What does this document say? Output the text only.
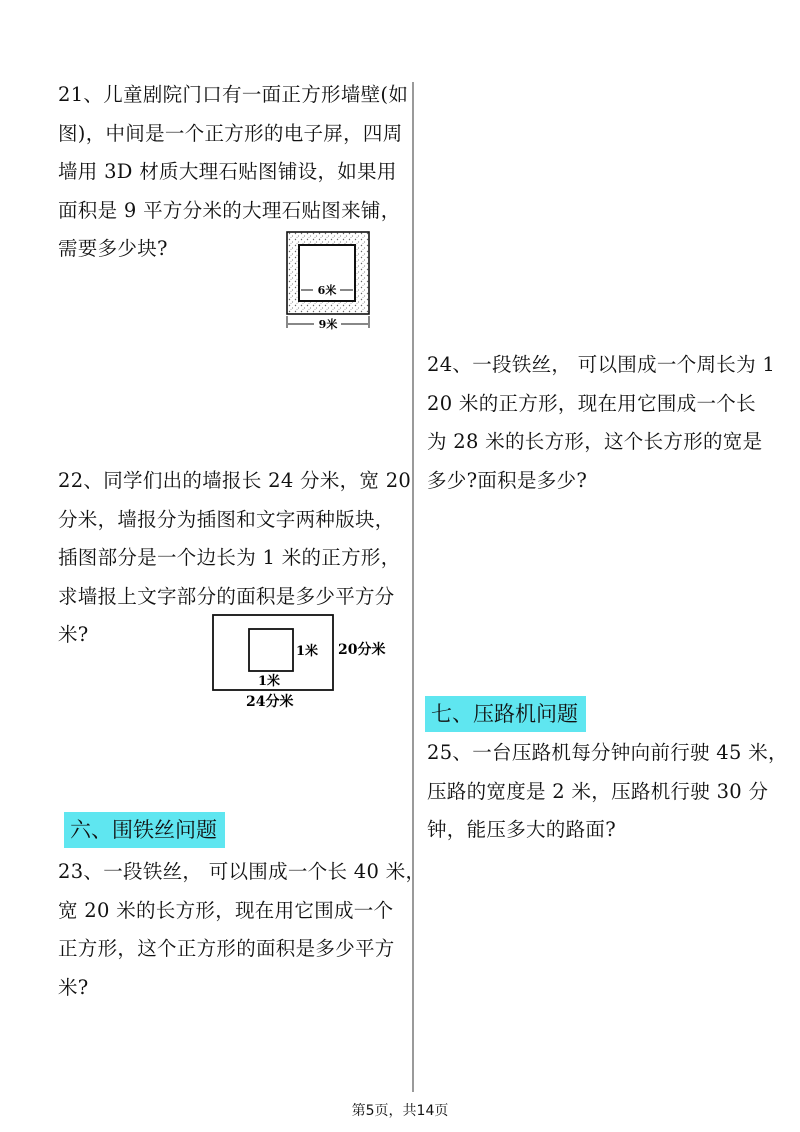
21、儿童剧院门口有一面正方形墙壁(如
图)，中间是一个正方形的电子屏，四周
墙用 3D 材质大理石贴图铺设，如果用
面积是 9 平方分米的大理石贴图来铺，
需要多少块?
6米
9米
24、一段铁丝， 可以围成一个周长为 1
20 米的正方形，现在用它围成一个长
为 28 米的长方形，这个长方形的宽是
多少?面积是多少?
22、同学们出的墙报长 24 分米，宽 20
分米，墙报分为插图和文字两种版块，
插图部分是一个边长为 1 米的正方形，
求墙报上文字部分的面积是多少平方分
米?
1米
1米
20分米
24分米	七、压路机问题
25、一台压路机每分钟向前行驶 45 米，
压路的宽度是 2 米，压路机行驶 30 分
钟，能压多大的路面?
六、围铁丝问题
23、一段铁丝， 可以围成一个长 40 米，
宽 20 米的长方形，现在用它围成一个
正方形，这个正方形的面积是多少平方
米?
第5页，共14页
